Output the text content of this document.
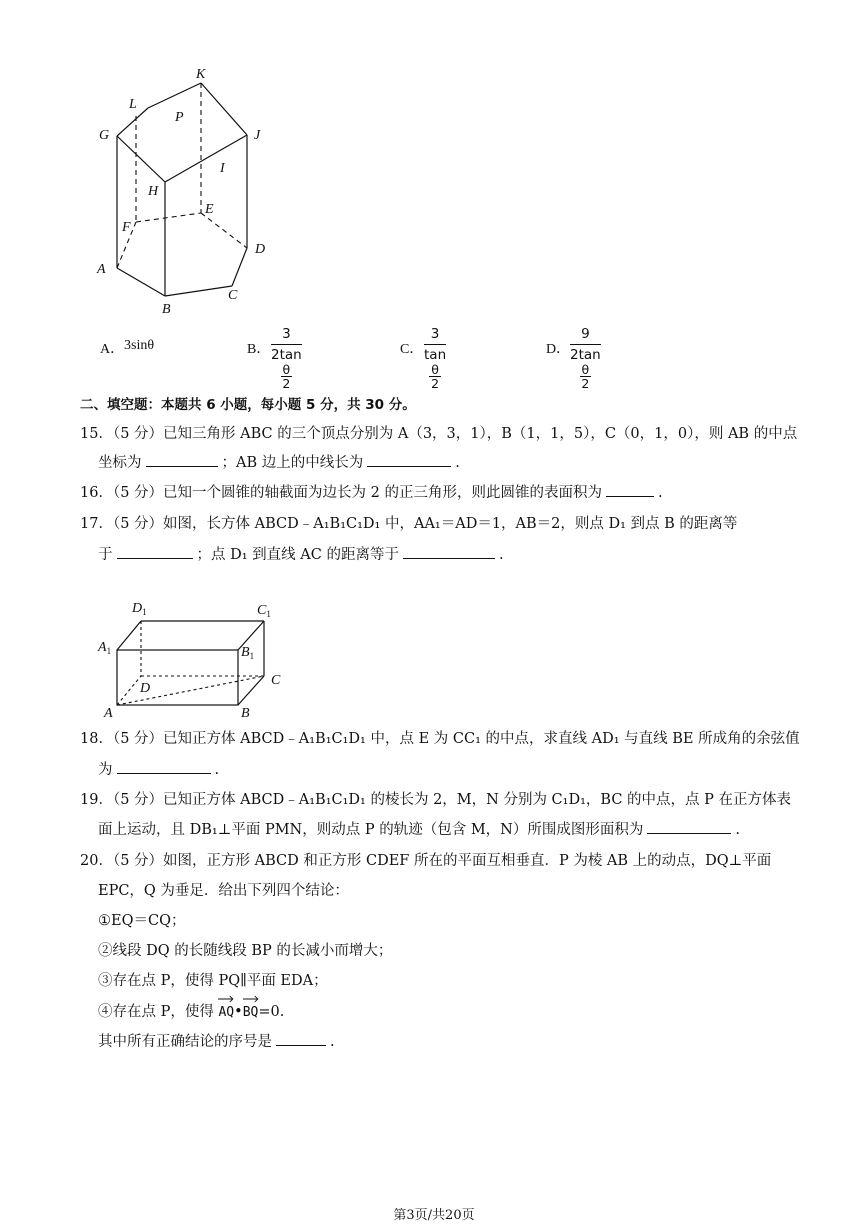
K
L
P
G	J
I
H
E
F
D
A
C
B
A． 3sinθ	B． 3
2tan
$\frac{\theta}{2}$	C． 3
tan
$\frac{\theta}{2}$	D． 9
2tan
$\frac{\theta}{2}$
二、填空题：本题共 6 小题，每小题 5 分，共 30 分。
15．（5 分）已知三角形 ABC 的三个顶点分别为 A（3，3，1），B（1，1，5），C（0，1，0），则 AB 的中点
坐标为	；AB 边上的中线长为	.
16．（5 分）已知一个圆锥的轴截面为边长为 2 的正三角形，则此圆锥的表面积为	.
17．（5 分）如图，长方体 ABCD﹣A₁B₁C₁D₁ 中，AA₁＝AD＝1，AB＝2，则点 D₁ 到点 B 的距离等
于	；点 D₁ 到直线 AC 的距离等于	.
$D_1$	$C_1$
$A_1$	$B_1$
D
C
A	B
18．（5 分）已知正方体 ABCD﹣A₁B₁C₁D₁ 中，点 E 为 CC₁ 的中点，求直线 AD₁ 与直线 BE 所成角的余弦值
为	.
19．（5 分）已知正方体 ABCD﹣A₁B₁C₁D₁ 的棱长为 2，M，N 分别为 C₁D₁，BC 的中点，点 P 在正方体表
面上运动，且 DB₁⊥平面 PMN，则动点 P 的轨迹（包含 M，N）所围成图形面积为	.
20．（5 分）如图，正方形 ABCD 和正方形 CDEF 所在的平面互相垂直．P 为棱 AB 上的动点，DQ⊥平面
EPC，Q 为垂足．给出下列四个结论：
①EQ＝CQ；
②线段 DQ 的长随线段 BP 的长减小而增大；
③存在点 P，使得 PQ∥平面 EDA；
④存在点 P，使得 AQ•
BQ=0.
其中所有正确结论的序号是	.
第3页/共20页
